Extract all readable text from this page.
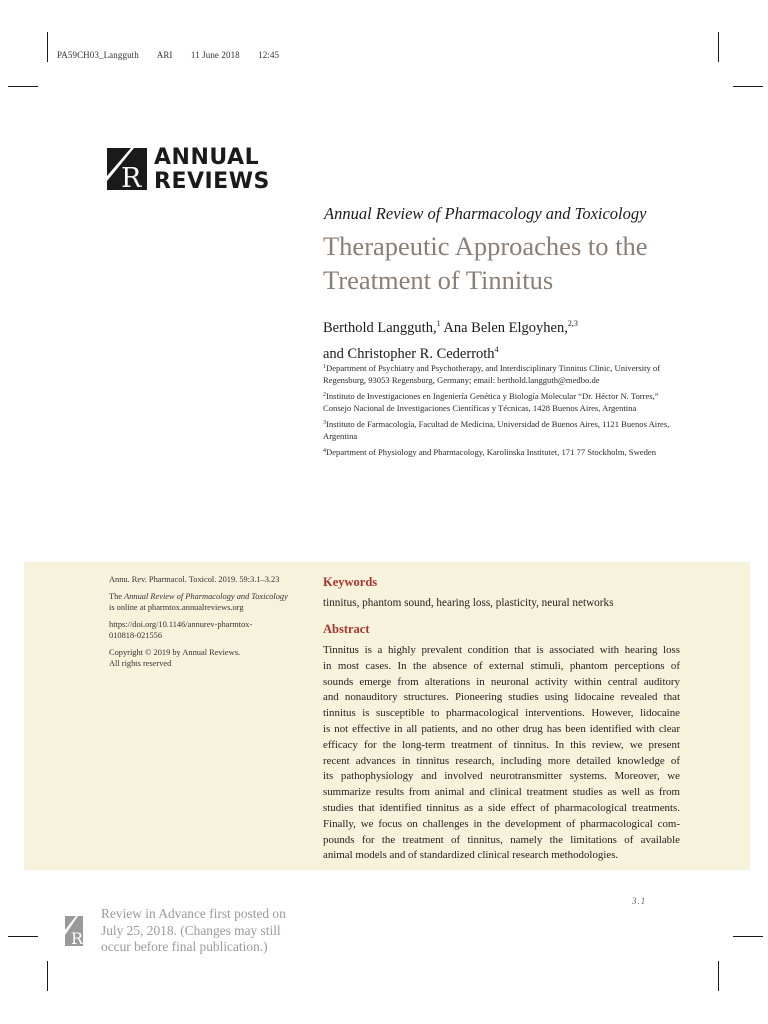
PA59CH03_Langguth ARI 11 June 2018 12:45
R
ANNUAL
REVIEWS
Annual Review of Pharmacology and Toxicology
Therapeutic Approaches to the
Treatment of Tinnitus
Berthold Langguth,$^1$ Ana Belen Elgoyhen,$^{2,3}$
and Christopher R. Cederroth$^4$

$^1$Department of Psychiatry and Psychotherapy, and Interdisciplinary Tinnitus Clinic, University of Regensburg, 93053 Regensburg, Germany; email: berthold.langguth@medbo.de

$^2$Instituto de Investigaciones en Ingeniería Genética y Biología Molecular “Dr. Héctor N. Torres,” Consejo Nacional de Investigaciones Científicas y Técnicas, 1428 Buenos Aires, Argentina

$^3$Instituto de Farmacología, Facultad de Medicina, Universidad de Buenos Aires, 1121 Buenos Aires, Argentina

$^4$Department of Physiology and Pharmacology, Karolinska Institutet, 171 77 Stockholm, Sweden

Annu. Rev. Pharmacol. Toxicol. 2019. 59:3.1–3.23

The Annual Review of Pharmacology and Toxicology
is online at pharmtox.annualreviews.org

https://doi.org/10.1146/annurev-pharmtox-
010818-021556

Copyright © 2019 by Annual Reviews.
All rights reserved

Keywords
tinnitus, phantom sound, hearing loss, plasticity, neural networks
Abstract
Tinnitus is a highly prevalent condition that is associated with hearing loss
in most cases. In the absence of external stimuli, phantom perceptions of
sounds emerge from alterations in neuronal activity within central auditory
and nonauditory structures. Pioneering studies using lidocaine revealed that
tinnitus is susceptible to pharmacological interventions. However, lidocaine
is not effective in all patients, and no other drug has been identified with clear
efficacy for the long-term treatment of tinnitus. In this review, we present
recent advances in tinnitus research, including more detailed knowledge of
its pathophysiology and involved neurotransmitter systems. Moreover, we
summarize results from animal and clinical treatment studies as well as from
studies that identified tinnitus as a side effect of pharmacological treatments.
Finally, we focus on challenges in the development of pharmacological com-
pounds for the treatment of tinnitus, namely the limitations of available
animal models and of standardized clinical research methodologies.
3.1
R
Review in Advance first posted on
July 25, 2018. (Changes may still
occur before final publication.)
